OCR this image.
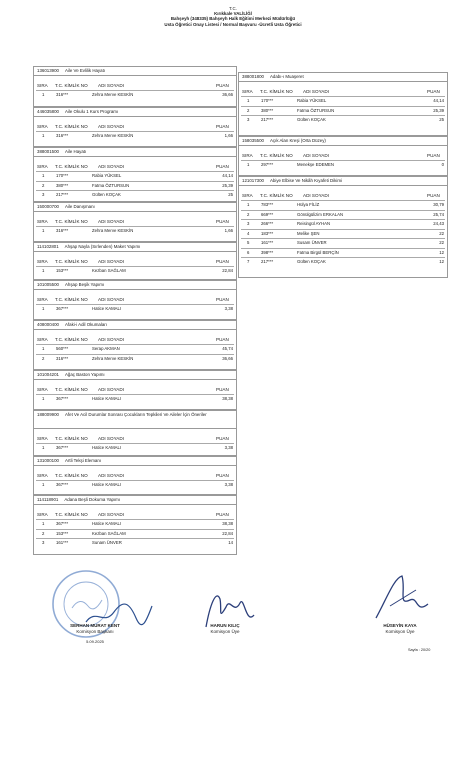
T.C.
Kırıkkale VALİLİĞİ
Bahşeyh (348335) Bahşeyh Halk Eğitimi Merkezi Müdürlüğü
Usta Öğretici Onay Listesi / Normal Başvuru -Ücretli Usta Öğretici
136013900 Aile Ve Evlilik Hayatı
SIRA T.C. KİMLİK NO ADI SOYADI	PUAN
1	316***	Zehra Merve KESKİN	36,66
446035800 Aile Okulu 1 Kurs Programı
SIRA T.C. KİMLİK NO ADI SOYADI	PUAN
1	316***	Zehra Merve KESKİN	1,66
388001500 Aile Hayatı
SIRA T.C. KİMLİK NO ADI SOYADI	PUAN
1	170***	Rabia YÜKSEL	44,14
2	380***	Fatma ÖZTURSUN	25,39
3	217***	Gülten KOÇAK	25
150000700 Aile Danışmanı
SIRA T.C. KİMLİK NO ADI SOYADI	PUAN
1	316***	Zehra Merve KESKİN	1,66
114102801 Ahşap Nayla (Sırlenden) Maket Yapımı
SIRA T.C. KİMLİK NO ADI SOYADI	PUAN
1	153***	Kezban SAĞLAM	22,84
101005500 Ahşap Beşik Yapımı
SIRA T.C. KİMLİK NO ADI SOYADI	PUAN
1	367***	Hatice KAMALI	3,38
408000400 Afaki-i Adil Okumaları
SIRA T.C. KİMLİK NO ADI SOYADI	PUAN
1	560***	Serap AKMAN	45,74
2	316***	Zehra Merve KESKİN	36,66
101004201 Ağaç Baston Yapımı
SIRA T.C. KİMLİK NO ADI SOYADI	PUAN
1	367***	Hatice KAMALI	38,38
188009900 Afet Ve Acil Durumlar Sonrası Çocukların Tepkileri Ve Aileler İçin Öneriler
SIRA T.C. KİMLİK NO ADI SOYADI	PUAN
1	367***	Hatice KAMALI	3,38
131000100 Artli Tekşi Elemanı
SIRA T.C. KİMLİK NO ADI SOYADI	PUAN
1	367***	Hatice KAMALI	3,38
114118901 Adana Beşli Dokuma Yapımı
SIRA T.C. KİMLİK NO ADI SOYADI	PUAN
1	367***	Hatice KAMALI	38,38
2	153***	Kezban SAĞLAM	22,84
3	161***	Sunam ÜNVER	14
388001800 Adabı-ı Muaşeret
SIRA T.C. KİMLİK NO ADI SOYADI	PUAN
1	170***	Rabia YÜKSEL	44,14
2	380***	Fatma ÖZTURSUN	25,39
3	217***	Gülten KOÇAK	25
158035500 Açık Alan Kreşi (Orta Düzey)
SIRA T.C. KİMLİK NO ADI SOYADI	PUAN
1	297***	Menekşe EDEMEN	0
121017300 Abiye Elbise Ve Nikâh Kıyafeti Dikimi
SIRA T.C. KİMLİK NO ADI SOYADI	PUAN
1	783***	Hülya FİLİZ	30,79
2	669***	Gönülgülizim ERKALAN	25,74
3	266***	Reisingül AYHAN	24,43
4	183***	Melike ŞEN	22
5	161***	Susam ÜNVER	22
6	398***	Fatma Birgül BERÇİN	12
7	217***	Gülten KOÇAK	12
SERHAN MURAT KENT
Komisyon Başkanı
5.09.2025
HARUN KILIÇ
Komisyon Üye
HÜSEYİN KAYA
Komisyon Üye
Sayfa : 20/20
